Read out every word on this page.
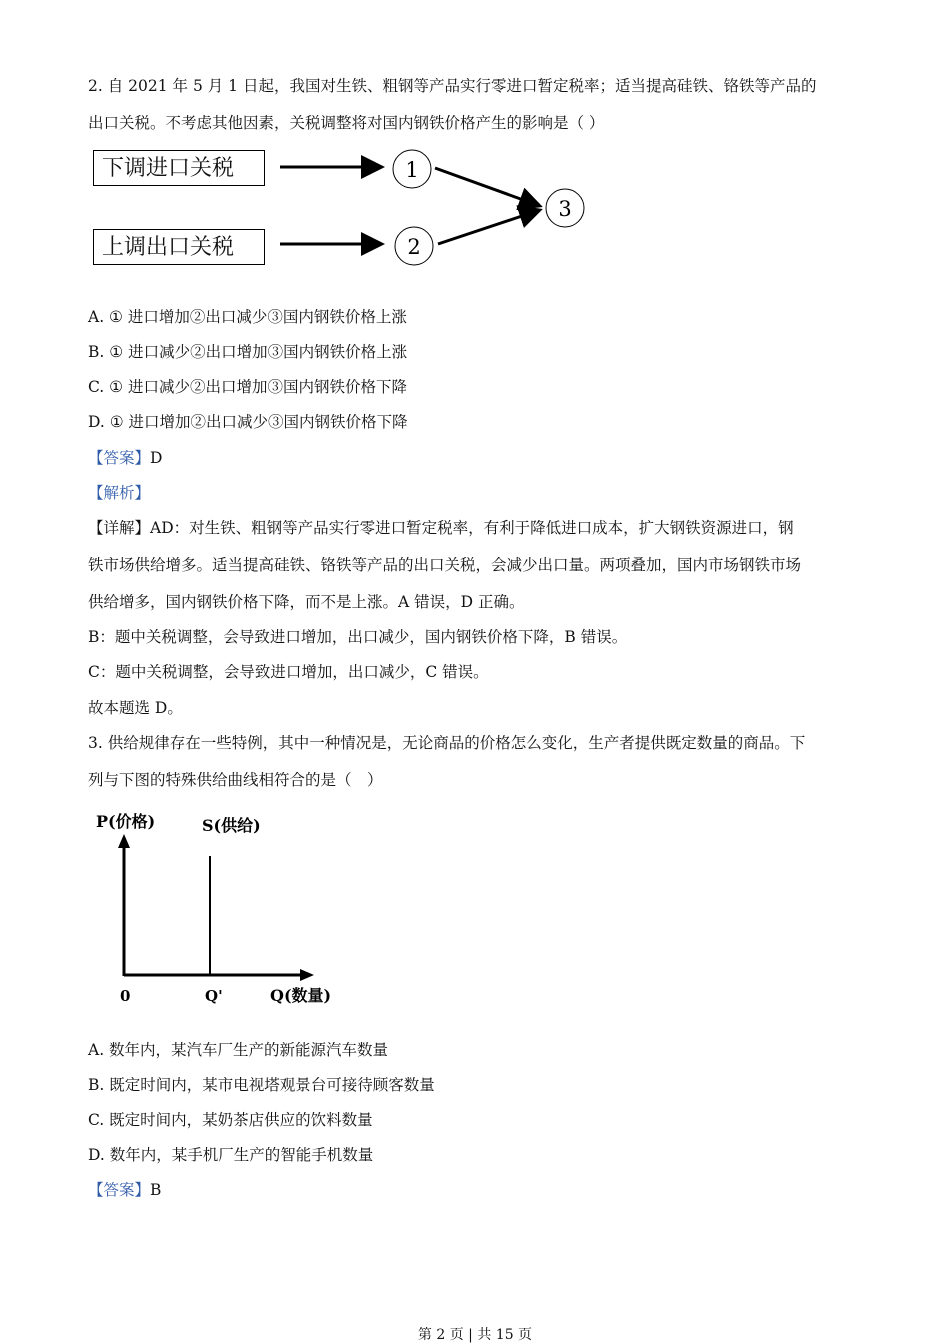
2. 自 2021 年 5 月 1 日起，我国对生铁、粗钢等产品实行零进口暂定税率；适当提高硅铁、铬铁等产品的
出口关税。不考虑其他因素，关税调整将对国内钢铁价格产生的影响是（ ）
下调进口关税
上调出口关税
1
2
3
A. ① 进口增加②出口减少③国内钢铁价格上涨
B. ① 进口减少②出口增加③国内钢铁价格上涨
C. ① 进口减少②出口增加③国内钢铁价格下降
D. ① 进口增加②出口减少③国内钢铁价格下降
【答案】D
【解析】
【详解】AD：对生铁、粗钢等产品实行零进口暂定税率，有利于降低进口成本，扩大钢铁资源进口，钢
铁市场供给增多。适当提高硅铁、铬铁等产品的出口关税，会减少出口量。两项叠加，国内市场钢铁市场
供给增多，国内钢铁价格下降，而不是上涨。A 错误，D 正确。
B：题中关税调整，会导致进口增加，出口减少，国内钢铁价格下降，B 错误。
C：题中关税调整，会导致进口增加，出口减少，C 错误。
故本题选 D。
3. 供给规律存在一些特例，其中一种情况是，无论商品的价格怎么变化，生产者提供既定数量的商品。下
列与下图的特殊供给曲线相符合的是（　）
P(价格)	S(供给)
0	Q'	Q(数量)
A. 数年内，某汽车厂生产的新能源汽车数量
B. 既定时间内，某市电视塔观景台可接待顾客数量
C. 既定时间内，某奶茶店供应的饮料数量
D. 数年内，某手机厂生产的智能手机数量
【答案】B
第 2 页 | 共 15 页
